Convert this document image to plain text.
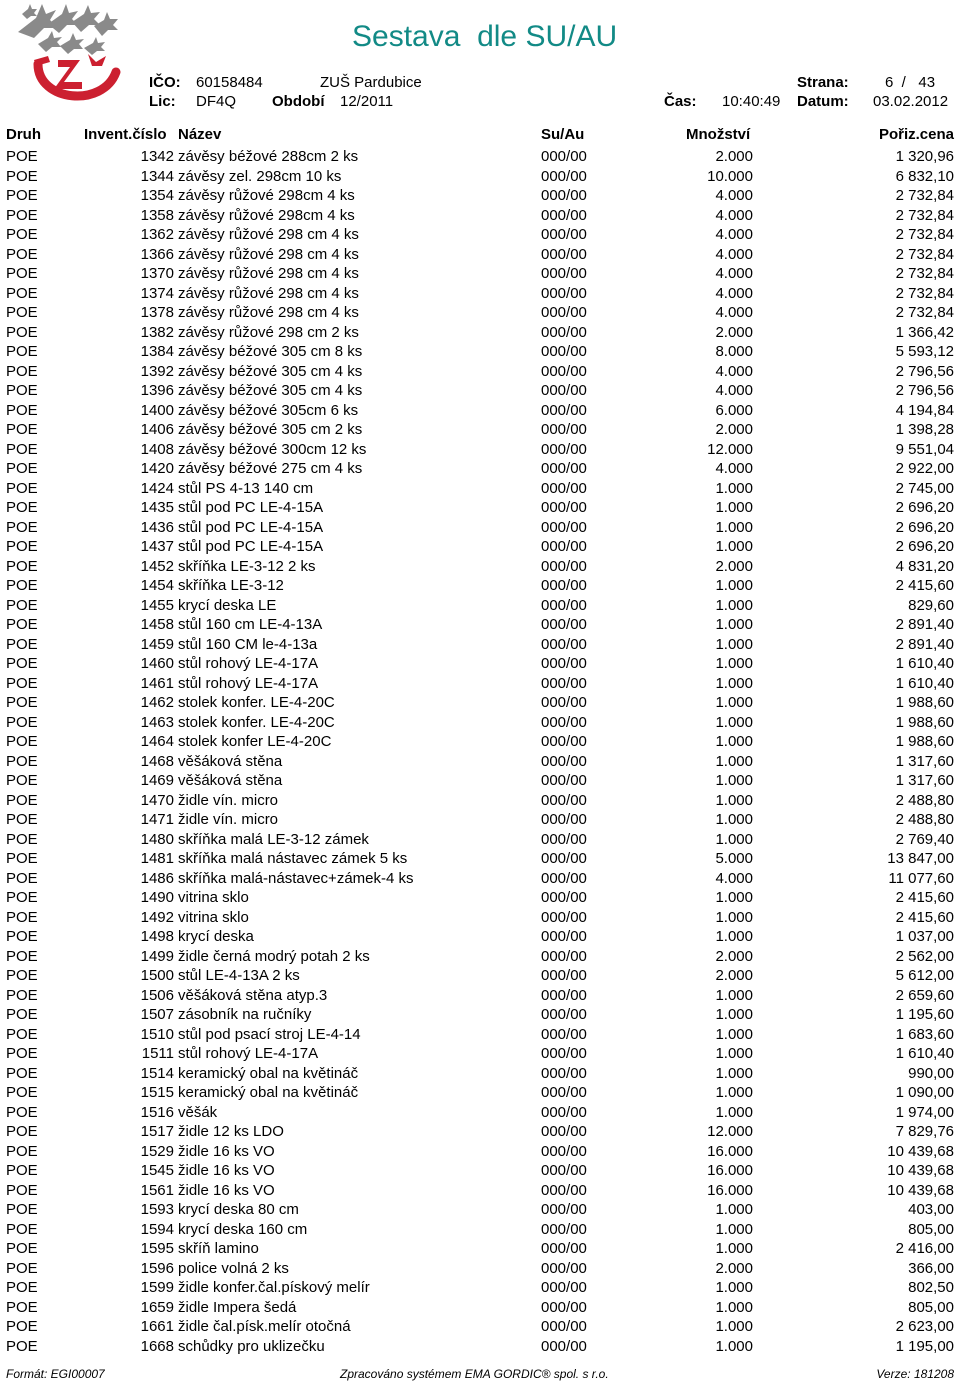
Sestava  dle SU/AU
IČO: 60158484	ZUŠ Pardubice	Strana: 6  /   43
Lic: DF4Q Období 12/2011	Čas: 10:40:49 Datum: 03.02.2012
Druh	Invent.číslo Název	Su/Au	Množství	Pořiz.cena
POE	1342 závěsy béžové 288cm 2 ks	000/00	2.000	1 320,96
POE	1344 závěsy zel. 298cm 10 ks	000/00	10.000	6 832,10
POE	1354 závěsy růžové 298cm 4 ks	000/00	4.000	2 732,84
POE	1358 závěsy růžové 298cm 4 ks	000/00	4.000	2 732,84
POE	1362 závěsy růžové 298 cm 4 ks	000/00	4.000	2 732,84
POE	1366 závěsy růžové 298 cm 4 ks	000/00	4.000	2 732,84
POE	1370 závěsy růžové 298 cm 4 ks	000/00	4.000	2 732,84
POE	1374 závěsy růžové 298 cm 4 ks	000/00	4.000	2 732,84
POE	1378 závěsy růžové 298 cm 4 ks	000/00	4.000	2 732,84
POE	1382 závěsy růžové 298 cm 2 ks	000/00	2.000	1 366,42
POE	1384 závěsy béžové 305 cm 8 ks	000/00	8.000	5 593,12
POE	1392 závěsy béžové 305 cm 4 ks	000/00	4.000	2 796,56
POE	1396 závěsy béžové 305 cm 4 ks	000/00	4.000	2 796,56
POE	1400 závěsy béžové 305cm 6 ks	000/00	6.000	4 194,84
POE	1406 závěsy béžové 305 cm 2 ks	000/00	2.000	1 398,28
POE	1408 závěsy béžové 300cm 12 ks	000/00	12.000	9 551,04
POE	1420 závěsy béžové 275 cm 4 ks	000/00	4.000	2 922,00
POE	1424 stůl PS 4-13 140 cm	000/00	1.000	2 745,00
POE	1435 stůl pod PC LE-4-15A	000/00	1.000	2 696,20
POE	1436 stůl pod PC LE-4-15A	000/00	1.000	2 696,20
POE	1437 stůl pod PC LE-4-15A	000/00	1.000	2 696,20
POE	1452 skříňka LE-3-12 2 ks	000/00	2.000	4 831,20
POE	1454 skříňka LE-3-12	000/00	1.000	2 415,60
POE	1455 krycí deska LE	000/00	1.000	829,60
POE	1458 stůl 160 cm LE-4-13A	000/00	1.000	2 891,40
POE	1459 stůl 160 CM le-4-13a	000/00	1.000	2 891,40
POE	1460 stůl rohový LE-4-17A	000/00	1.000	1 610,40
POE	1461 stůl rohový LE-4-17A	000/00	1.000	1 610,40
POE	1462 stolek konfer. LE-4-20C	000/00	1.000	1 988,60
POE	1463 stolek konfer. LE-4-20C	000/00	1.000	1 988,60
POE	1464 stolek konfer LE-4-20C	000/00	1.000	1 988,60
POE	1468 věšáková stěna	000/00	1.000	1 317,60
POE	1469 věšáková stěna	000/00	1.000	1 317,60
POE	1470 židle vín. micro	000/00	1.000	2 488,80
POE	1471 židle vín. micro	000/00	1.000	2 488,80
POE	1480 skříňka malá LE-3-12 zámek	000/00	1.000	2 769,40
POE	1481 skříňka malá nástavec zámek 5 ks	000/00	5.000	13 847,00
POE	1486 skříňka malá-nástavec+zámek-4 ks	000/00	4.000	11 077,60
POE	1490 vitrina sklo	000/00	1.000	2 415,60
POE	1492 vitrina sklo	000/00	1.000	2 415,60
POE	1498 krycí deska	000/00	1.000	1 037,00
POE	1499 židle černá modrý potah 2 ks	000/00	2.000	2 562,00
POE	1500 stůl LE-4-13A 2 ks	000/00	2.000	5 612,00
POE	1506 věšáková stěna atyp.3	000/00	1.000	2 659,60
POE	1507 zásobník na ručníky	000/00	1.000	1 195,60
POE	1510 stůl pod psací stroj LE-4-14	000/00	1.000	1 683,60
POE	1511 stůl rohový LE-4-17A	000/00	1.000	1 610,40
POE	1514 keramický obal na květináč	000/00	1.000	990,00
POE	1515 keramický obal na květináč	000/00	1.000	1 090,00
POE	1516 věšák	000/00	1.000	1 974,00
POE	1517 židle 12 ks LDO	000/00	12.000	7 829,76
POE	1529 židle 16 ks VO	000/00	16.000	10 439,68
POE	1545 židle 16 ks VO	000/00	16.000	10 439,68
POE	1561 židle 16 ks VO	000/00	16.000	10 439,68
POE	1593 krycí deska 80 cm	000/00	1.000	403,00
POE	1594 krycí deska 160 cm	000/00	1.000	805,00
POE	1595 skříň lamino	000/00	1.000	2 416,00
POE	1596 police volná 2 ks	000/00	2.000	366,00
POE	1599 židle konfer.čal.pískový melír	000/00	1.000	802,50
POE	1659 židle Impera šedá	000/00	1.000	805,00
POE	1661 židle čal.písk.melír otočná	000/00	1.000	2 623,00
POE	1668 schůdky pro uklizečku	000/00	1.000	1 195,00
Formát: EGI00007	Zpracováno systémem EMA GORDIC® spol. s r.o.	Verze: 181208
